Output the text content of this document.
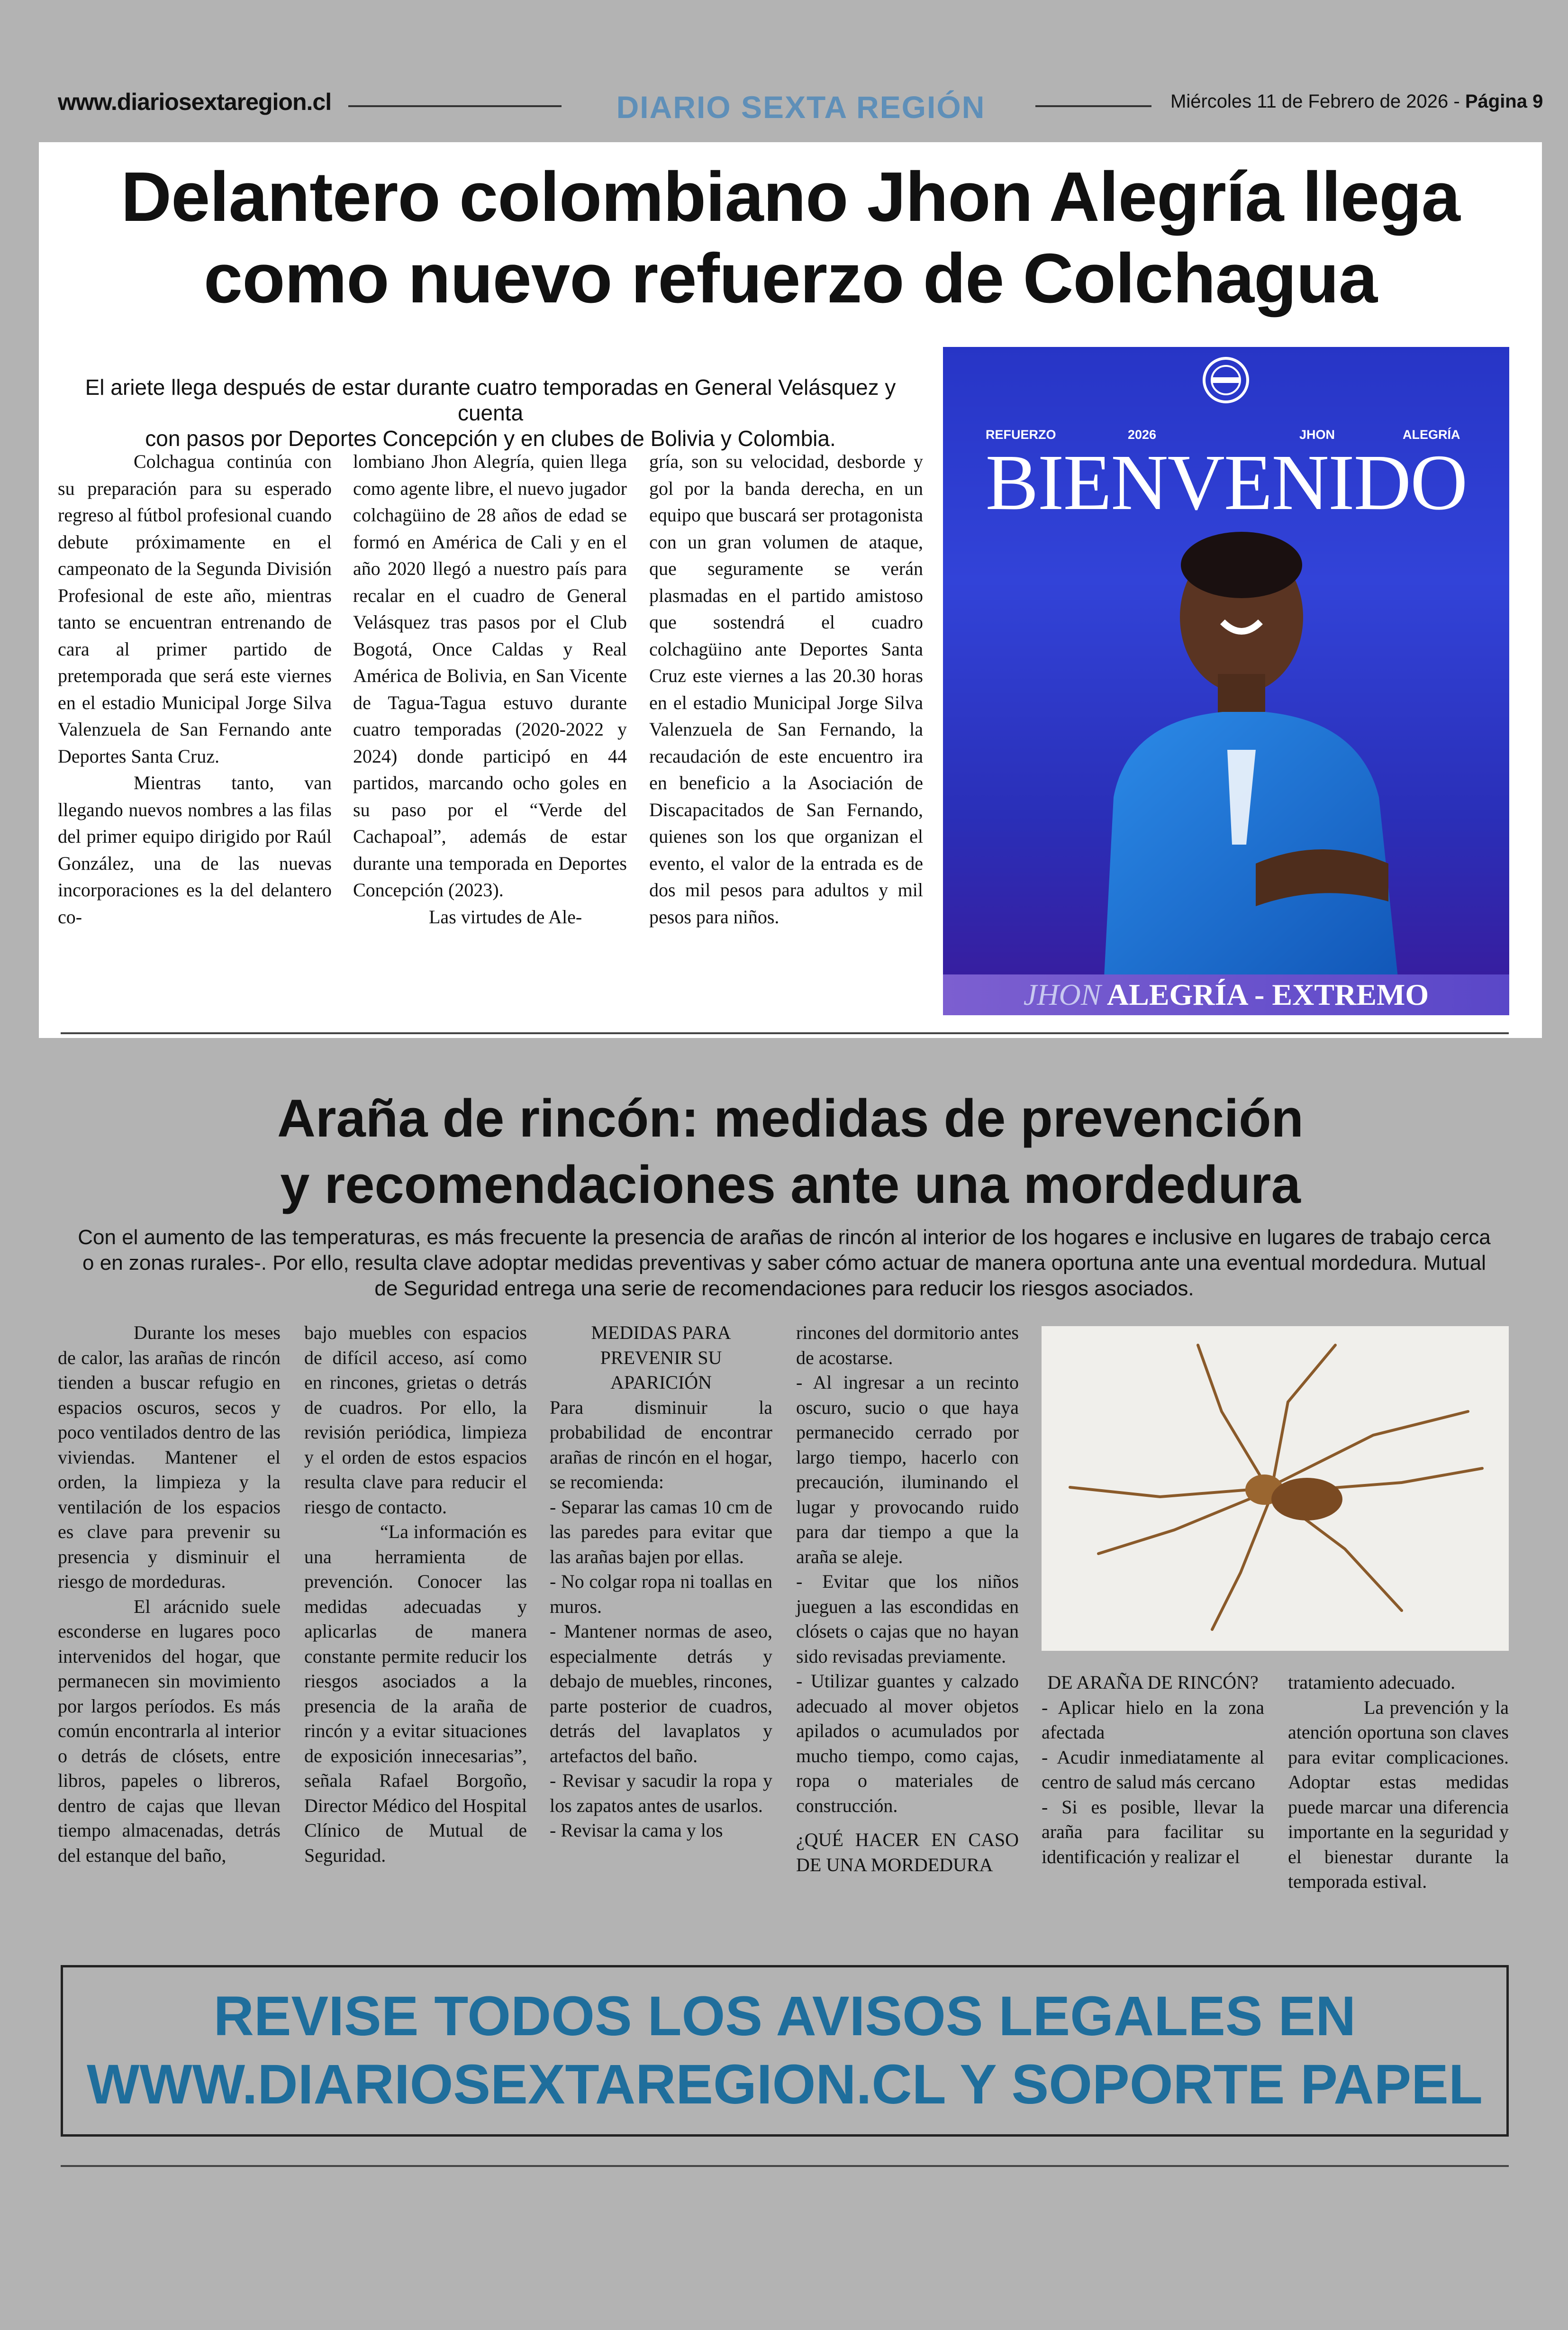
www.diariosextaregion.cl	DIARIO SEXTA REGIÓN	Miércoles 11 de Febrero de 2026 - Página 9
Delantero colombiano Jhon Alegría llega
como nuevo refuerzo de Colchagua
El ariete llega después de estar durante cuatro temporadas en General Velásquez y cuenta
con pasos por Deportes Concepción y en clubes de Bolivia y Colombia.

Colchagua continúa con su preparación para su esperado regreso al fútbol profesional cuando debute próximamente en el campeonato de la Segunda División Profesional de este año, mientras tanto se encuentran entrenando de cara al primer partido de pretemporada que será este viernes en el estadio Municipal Jorge Silva Valenzuela de San Fernando ante Deportes Santa Cruz.

Mientras tanto, van llegando nuevos nombres a las filas del primer equipo dirigido por Raúl González, una de las nuevas incorporaciones es la del delantero co-

lombiano Jhon Alegría, quien llega como agente libre, el nuevo jugador colchagüino de 28 años de edad se formó en América de Cali y en el año 2020 llegó a nuestro país para recalar en el cuadro de General Velásquez tras pasos por el Club Bogotá, Once Caldas y Real América de Bolivia, en San Vicente de Tagua-Tagua estuvo durante cuatro temporadas (2020-2022 y 2024) donde participó en 44 partidos, marcando ocho goles en su paso por el “Verde del Cachapoal”, además de estar durante una temporada en Deportes Concepción (2023).

Las virtudes de Ale-

gría, son su velocidad, desborde y gol por la banda derecha, en un equipo que buscará ser protagonista con un gran volumen de ataque, que seguramente se verán plasmadas en el partido amistoso que sostendrá el cuadro colchagüino ante Deportes Santa Cruz este viernes a las 20.30 horas en el estadio Municipal Jorge Silva Valenzuela de San Fernando, la recaudación de este encuentro ira en beneficio a la Asociación de Discapacitados de San Fernando, quienes son los que organizan el evento, el valor de la entrada es de dos mil pesos para adultos y mil pesos para niños.

REFUERZO	2026	JHON	ALEGRÍA
BIENVENIDO
JHON ALEGRÍA - EXTREMO
Araña de rincón: medidas de prevención
y recomendaciones ante una mordedura
Con el aumento de las temperaturas, es más frecuente la presencia de arañas de rincón al interior de los hogares e inclusive en lugares de trabajo cerca o en zonas rurales-. Por ello, resulta clave adoptar medidas preventivas y saber cómo actuar de manera oportuna ante una eventual mordedura. Mutual de Seguridad entrega una serie de recomendaciones para reducir los riesgos asociados.

Durante los meses de calor, las arañas de rincón tienden a buscar refugio en espacios oscuros, secos y poco ventilados dentro de las viviendas. Mantener el orden, la limpieza y la ventilación de los espacios es clave para prevenir su presencia y disminuir el riesgo de mordeduras.

El arácnido suele esconderse en lugares poco intervenidos del hogar, que permanecen sin movimiento por largos períodos. Es más común encontrarla al interior o detrás de clósets, entre libros, papeles o libreros, dentro de cajas que llevan tiempo almacenadas, detrás del estanque del baño,

bajo muebles con espacios de difícil acceso, así como en rincones, grietas o detrás de cuadros. Por ello, la revisión periódica, limpieza y el orden de estos espacios resulta clave para reducir el riesgo de contacto.

“La información es una herramienta de prevención. Conocer las medidas adecuadas y aplicarlas de manera constante permite reducir los riesgos asociados a la presencia de la araña de rincón y a evitar situaciones de exposición innecesarias”, señala Rafael Borgoño, Director Médico del Hospital Clínico de Mutual de Seguridad.

MEDIDAS PARA PREVENIR SU APARICIÓN

Para disminuir la probabilidad de encontrar arañas de rincón en el hogar, se recomienda:

- Separar las camas 10 cm de las paredes para evitar que las arañas bajen por ellas.

- No colgar ropa ni toallas en muros.

- Mantener normas de aseo, especialmente detrás y debajo de muebles, rincones, parte posterior de cuadros, detrás del lavaplatos y artefactos del baño.

- Revisar y sacudir la ropa y los zapatos antes de usarlos.

- Revisar la cama y los

rincones del dormitorio antes de acostarse.

- Al ingresar a un recinto oscuro, sucio o que haya permanecido cerrado por largo tiempo, hacerlo con precaución, iluminando el lugar y provocando ruido para dar tiempo a que la araña se aleje.

- Evitar que los niños jueguen a las escondidas en clósets o cajas que no hayan sido revisadas previamente.

- Utilizar guantes y calzado adecuado al mover objetos apilados o acumulados por mucho tiempo, como cajas, ropa o materiales de construcción.

¿QUÉ HACER EN CASO DE UNA MORDEDURA

DE ARAÑA DE RINCÓN?

- Aplicar hielo en la zona afectada

- Acudir inmediatamente al centro de salud más cercano

- Si es posible, llevar la araña para facilitar su identificación y realizar el

tratamiento adecuado.

La prevención y la atención oportuna son claves para evitar complicaciones. Adoptar estas medidas puede marcar una diferencia importante en la seguridad y el bienestar durante la temporada estival.

REVISE TODOS LOS AVISOS LEGALES EN
WWW.DIARIOSEXTAREGION.CL Y SOPORTE PAPEL
